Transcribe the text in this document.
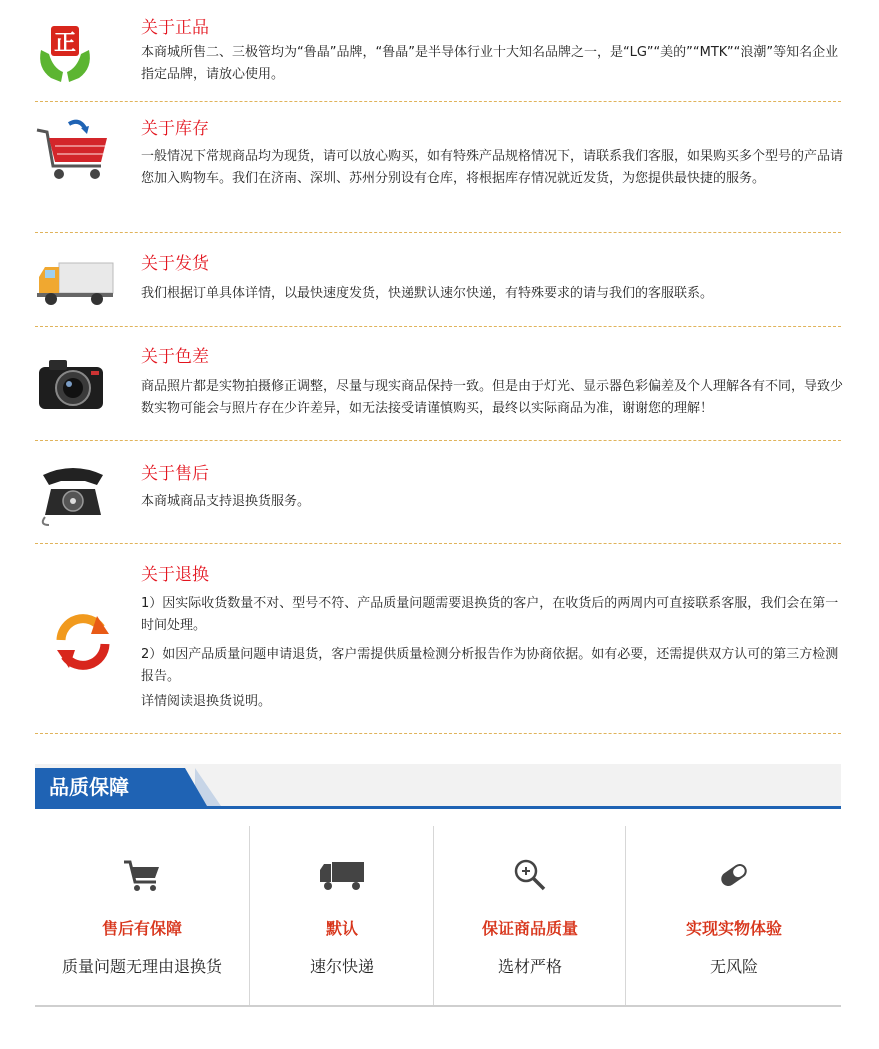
正
关于正品

本商城所售二、三极管均为“鲁晶”品牌，“鲁晶”是半导体行业十大知名品牌之一，是“LG”“美的”“MTK”“浪潮”等知名企业指定品牌，请放心使用。

关于库存

一般情况下常规商品均为现货，请可以放心购买，如有特殊产品规格情况下，请联系我们客服，如果购买多个型号的产品请您加入购物车。我们在济南、深圳、苏州分别设有仓库，将根据库存情况就近发货，为您提供最快捷的服务。

关于发货

我们根据订单具体详情，以最快速度发货，快递默认速尔快递，有特殊要求的请与我们的客服联系。

关于色差

商品照片都是实物拍摄修正调整，尽量与现实商品保持一致。但是由于灯光、显示器色彩偏差及个人理解各有不同，导致少数实物可能会与照片存在少许差异，如无法接受请谨慎购买，最终以实际商品为准，谢谢您的理解！

关于售后

本商城商品支持退换货服务。

关于退换

1）因实际收货数量不对、型号不符、产品质量问题需要退换货的客户，在收货后的两周内可直接联系客服，我们会在第一时间处理。

2）如因产品质量问题申请退货，客户需提供质量检测分析报告作为协商依据。如有必要，还需提供双方认可的第三方检测报告。

详情阅读退换货说明。

品质保障
售后有保障
质量问题无理由退换货
默认
速尔快递
保证商品质量
选材严格
实现实物体验
无风险
